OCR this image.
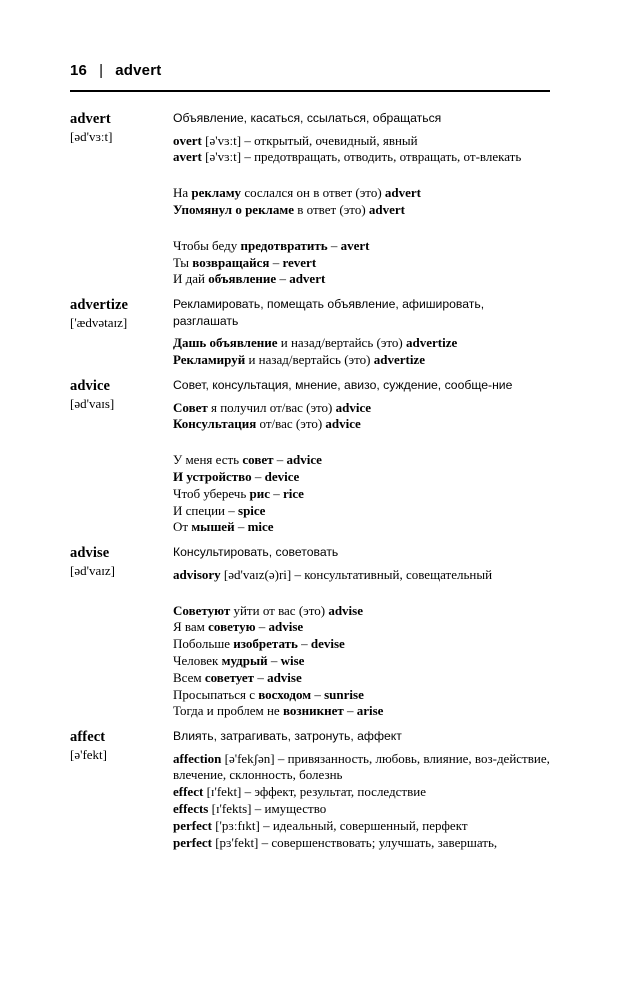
16 | advert
advert
[əd'vɜːt]
Объявление, касаться, ссылаться, обращаться
overt [ə'vɜːt] – открытый, очевидный, явный
avert [ə'vɜːt] – предотвращать, отводить, отвращать, от-влекать
На рекламу сослался он в ответ (это) advert
Упомянул о рекламе в ответ (это) advert
Чтобы беду предотвратить – avert
Ты возвращайся – revert
И дай объявление – advert
advertize
['ædvətaɪz]
Рекламировать, помещать объявление, афишировать, разглашать
Дашь объявление и назад/вертайсь (это) advertize
Рекламируй и назад/вертайсь (это) advertize
advice
[əd'vaɪs]
Совет, консультация, мнение, авизо, суждение, сообще-ние
Совет я получил от/вас (это) advice
Консультация от/вас (это) advice
У меня есть совет – advice
И устройство – device
Чтоб уберечь рис – rice
И специи – spice
От мышей – mice
advise
[əd'vaɪz]
Консультировать, советовать
advisory [əd'vaɪz(ə)ri] – консультативный, совещательный
Советуют уйти от вас (это) advise
Я вам советую – advise
Побольше изобретать – devise
Человек мудрый – wise
Всем советует – advise
Просыпаться с восходом – sunrise
Тогда и проблем не возникнет – arise
affect
[ə'fekt]
Влиять, затрагивать, затронуть, аффект
affection [ə'fekʃən] – привязанность, любовь, влияние, воз-действие, влечение, склонность, болезнь
effect [ɪ'fekt] – эффект, результат, последствие
effects [ɪ'fekts] – имущество
perfect ['pɜːfɪkt] – идеальный, совершенный, перфект
perfect [pɜ'fekt] – совершенствовать; улучшать, завершать,
